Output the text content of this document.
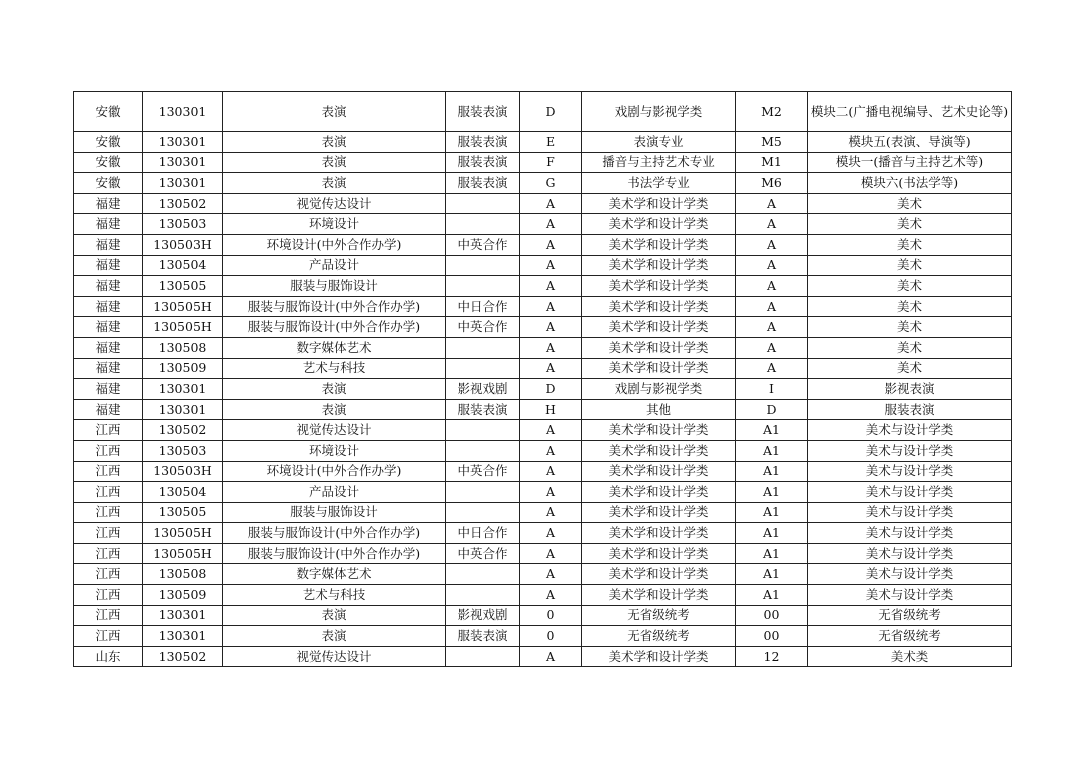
安徽	130301	表演	服装表演	D	戏剧与影视学类	M2	模块二(广播电视编导、艺术史论等)
安徽	130301	表演	服装表演	E	表演专业	M5	模块五(表演、导演等)
安徽	130301	表演	服装表演	F	播音与主持艺术专业	M1	模块一(播音与主持艺术等)
安徽	130301	表演	服装表演	G	书法学专业	M6	模块六(书法学等)
福建	130502	视觉传达设计		A	美术学和设计学类	A	美术
福建	130503	环境设计		A	美术学和设计学类	A	美术
福建	130503H	环境设计(中外合作办学)	中英合作	A	美术学和设计学类	A	美术
福建	130504	产品设计		A	美术学和设计学类	A	美术
福建	130505	服装与服饰设计		A	美术学和设计学类	A	美术
福建	130505H	服装与服饰设计(中外合作办学)	中日合作	A	美术学和设计学类	A	美术
福建	130505H	服装与服饰设计(中外合作办学)	中英合作	A	美术学和设计学类	A	美术
福建	130508	数字媒体艺术		A	美术学和设计学类	A	美术
福建	130509	艺术与科技		A	美术学和设计学类	A	美术
福建	130301	表演	影视戏剧	D	戏剧与影视学类	I	影视表演
福建	130301	表演	服装表演	H	其他	D	服装表演
江西	130502	视觉传达设计		A	美术学和设计学类	A1	美术与设计学类
江西	130503	环境设计		A	美术学和设计学类	A1	美术与设计学类
江西	130503H	环境设计(中外合作办学)	中英合作	A	美术学和设计学类	A1	美术与设计学类
江西	130504	产品设计		A	美术学和设计学类	A1	美术与设计学类
江西	130505	服装与服饰设计		A	美术学和设计学类	A1	美术与设计学类
江西	130505H	服装与服饰设计(中外合作办学)	中日合作	A	美术学和设计学类	A1	美术与设计学类
江西	130505H	服装与服饰设计(中外合作办学)	中英合作	A	美术学和设计学类	A1	美术与设计学类
江西	130508	数字媒体艺术		A	美术学和设计学类	A1	美术与设计学类
江西	130509	艺术与科技		A	美术学和设计学类	A1	美术与设计学类
江西	130301	表演	影视戏剧	0	无省级统考	00	无省级统考
江西	130301	表演	服装表演	0	无省级统考	00	无省级统考
山东	130502	视觉传达设计		A	美术学和设计学类	12	美术类
